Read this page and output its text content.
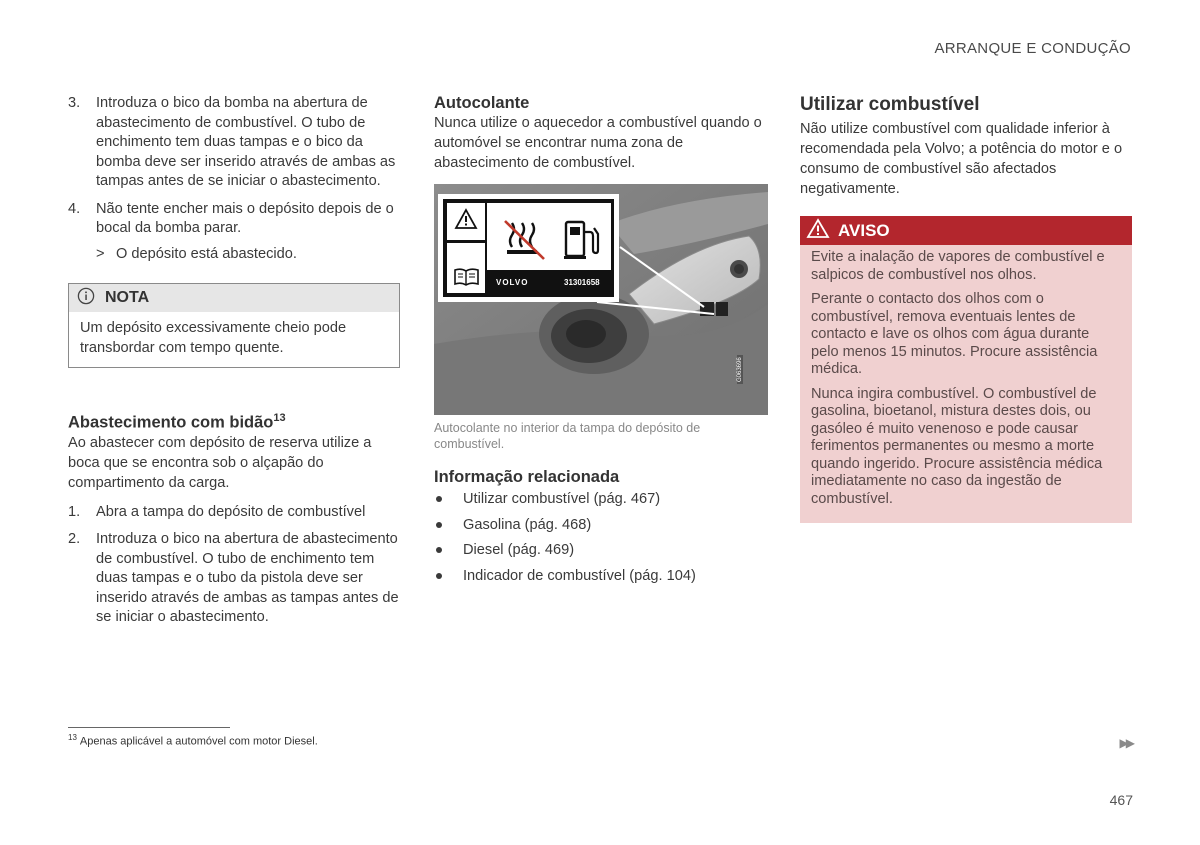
ARRANQUE E CONDUÇÃO
3. Introduza o bico da bomba na abertura de abastecimento de combustível. O tubo de enchimento tem duas tampas e o bico da bomba deve ser inserido através de ambas as tampas antes de se iniciar o abastecimento.
4. Não tente encher mais o depósito depois de o bocal da bomba parar.
> O depósito está abastecido.
NOTA
Um depósito excessivamente cheio pode transbordar com tempo quente.
Abastecimento com bidão$^{13}$

Ao abastecer com depósito de reserva utilize a boca que se encontra sob o alçapão do compartimento da carga.

1. Abra a tampa do depósito de combustível
2. Introduza o bico na abertura de abastecimento de combustível. O tubo de enchimento tem duas tampas e o tubo da pistola deve ser inserido através de ambas as tampas antes de se iniciar o abastecimento.
Autocolante

Nunca utilize o aquecedor a combustível quando o automóvel se encontrar numa zona de abastecimento de combustível.

VOLVO	31301658
G063696
Autocolante no interior da tampa do depósito de combustível.
Informação relacionada
Utilizar combustível (pág. 467)
Gasolina (pág. 468)
Diesel (pág. 469)
Indicador de combustível (pág. 104)
Utilizar combustível

Não utilize combustível com qualidade inferior à recomendada pela Volvo; a potência do motor e o consumo de combustível são afectados negativamente.

AVISO

Evite a inalação de vapores de combustível e salpicos de combustível nos olhos.

Perante o contacto dos olhos com o combustível, remova eventuais lentes de contacto e lave os olhos com água durante pelo menos 15 minutos. Procure assistência médica.

Nunca ingira combustível. O combustível de gasolina, bioetanol, mistura destes dois, ou gasóleo é muito venenoso e pode causar ferimentos permanentes ou mesmo a morte quando ingerido. Procure assistência médica imediatamente no caso da ingestão de combustível.

$^{13}$ Apenas aplicável a automóvel com motor Diesel.	▶▶
467
